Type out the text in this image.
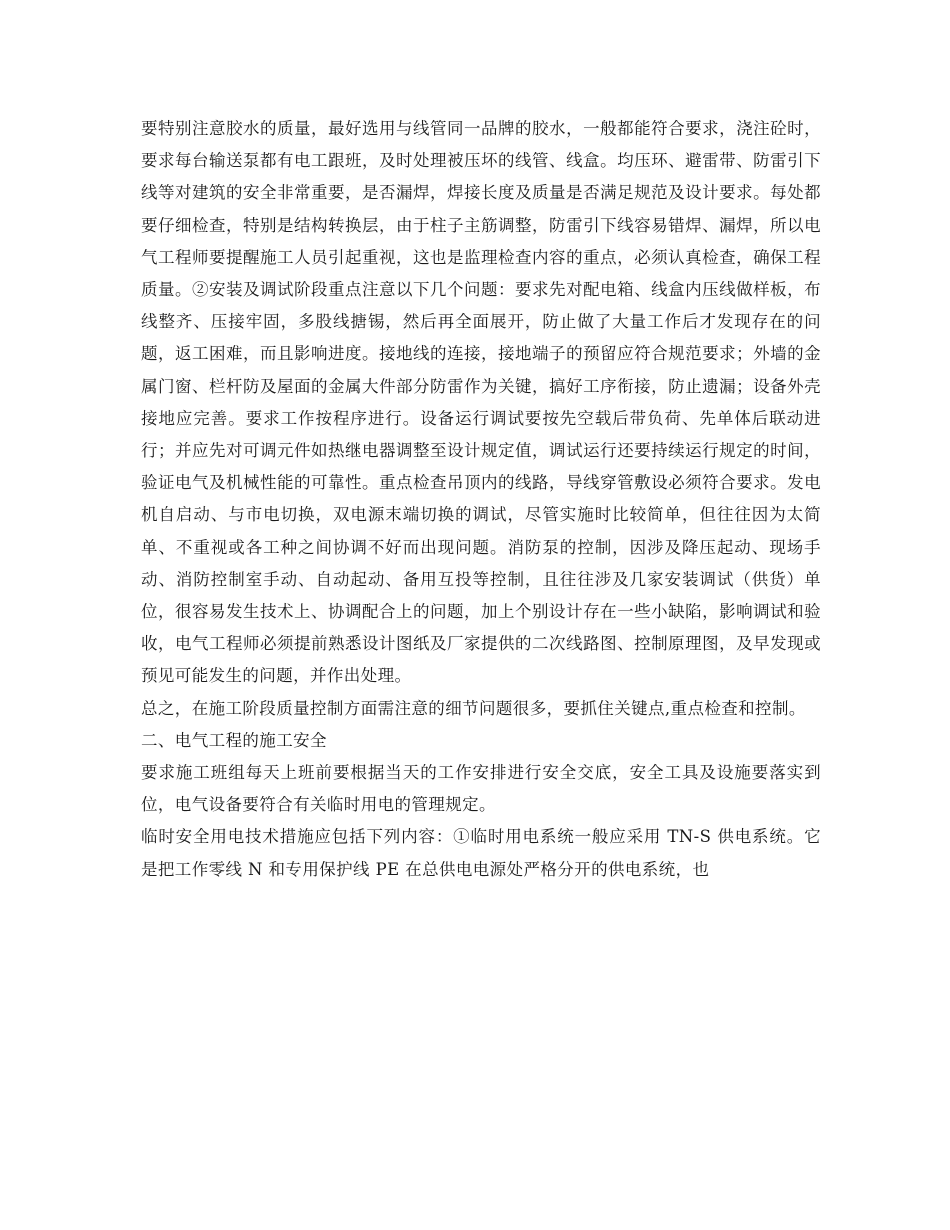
要特别注意胶水的质量，最好选用与线管同一品牌的胶水，一般都能符合要求，浇注砼时，要求每台输送泵都有电工跟班，及时处理被压坏的线管、线盒。均压环、避雷带、防雷引下线等对建筑的安全非常重要，是否漏焊，焊接长度及质量是否满足规范及设计要求。每处都要仔细检查，特别是结构转换层，由于柱子主筋调整，防雷引下线容易错焊、漏焊，所以电气工程师要提醒施工人员引起重视，这也是监理检查内容的重点，必须认真检查，确保工程质量。②安装及调试阶段重点注意以下几个问题：要求先对配电箱、线盒内压线做样板，布线整齐、压接牢固，多股线搪锡，然后再全面展开，防止做了大量工作后才发现存在的问题，返工困难，而且影响进度。接地线的连接，接地端子的预留应符合规范要求；外墙的金属门窗、栏杆防及屋面的金属大件部分防雷作为关键，搞好工序衔接，防止遗漏；设备外壳接地应完善。要求工作按程序进行。设备运行调试要按先空载后带负荷、先单体后联动进行；并应先对可调元件如热继电器调整至设计规定值，调试运行还要持续运行规定的时间，验证电气及机械性能的可靠性。重点检查吊顶内的线路，导线穿管敷设必须符合要求。发电机自启动、与市电切换，双电源末端切换的调试，尽管实施时比较简单，但往往因为太简单、不重视或各工种之间协调不好而出现问题。消防泵的控制，因涉及降压起动、现场手动、消防控制室手动、自动起动、备用互投等控制，且往往涉及几家安装调试（供货）单位，很容易发生技术上、协调配合上的问题，加上个别设计存在一些小缺陷，影响调试和验收，电气工程师必须提前熟悉设计图纸及厂家提供的二次线路图、控制原理图，及早发现或预见可能发生的问题，并作出处理。

总之，在施工阶段质量控制方面需注意的细节问题很多，要抓住关键点,重点检查和控制。

二、电气工程的施工安全

要求施工班组每天上班前要根据当天的工作安排进行安全交底，安全工具及设施要落实到位，电气设备要符合有关临时用电的管理规定。

临时安全用电技术措施应包括下列内容：①临时用电系统一般应采用 TN-S 供电系统。它是把工作零线 N 和专用保护线 PE 在总供电电源处严格分开的供电系统，也
